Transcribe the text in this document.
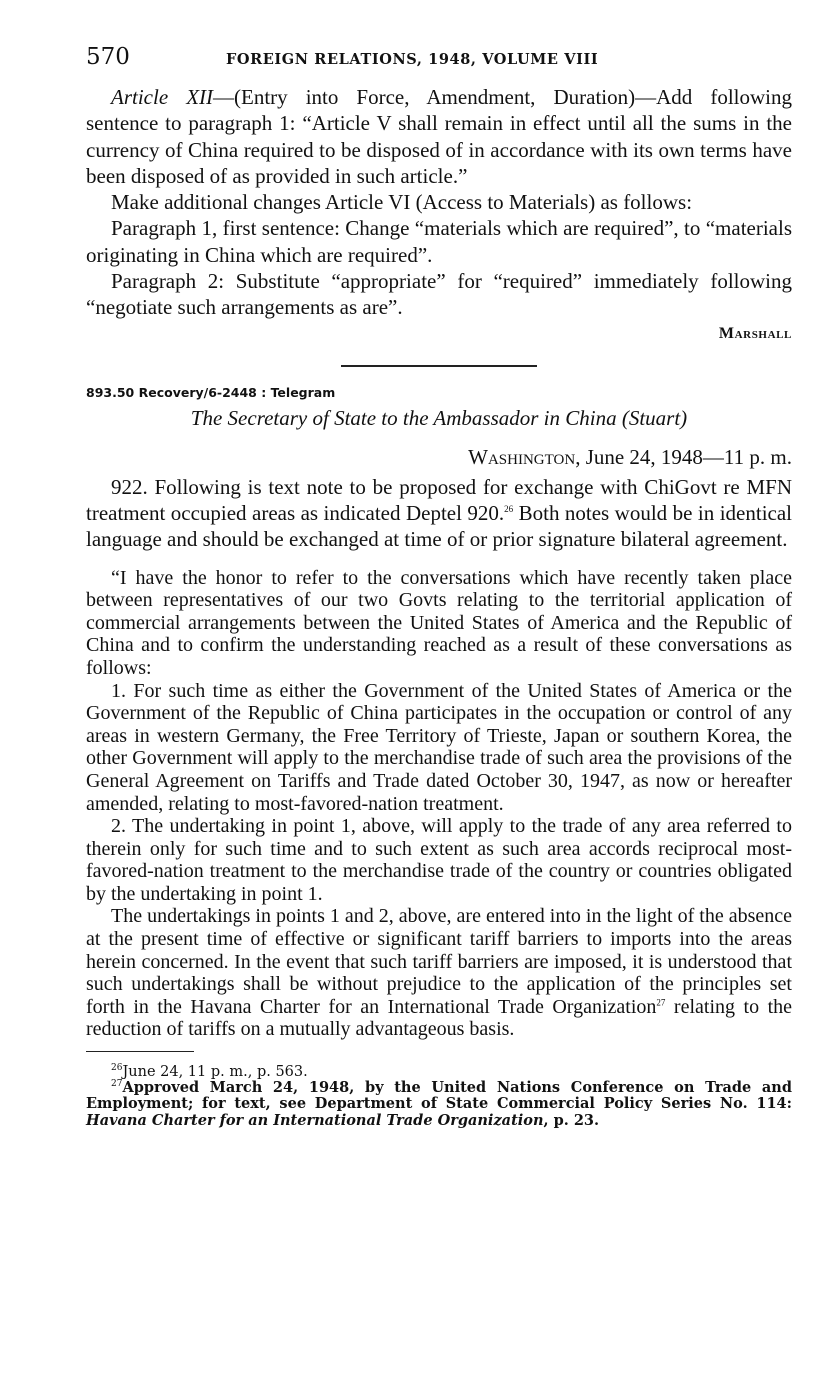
570	FOREIGN RELATIONS, 1948, VOLUME VIII

Article XII—(Entry into Force, Amendment, Duration)—Add following sentence to paragraph 1: “Article V shall remain in effect until all the sums in the currency of China required to be disposed of in accordance with its own terms have been disposed of as provided in such article.”

Make additional changes Article VI (Access to Materials) as follows:

Paragraph 1, first sentence: Change “materials which are required”, to “materials originating in China which are required”.

Paragraph 2: Substitute “appropriate” for “required” immediately following “negotiate such arrangements as are”.

Marshall

893.50 Recovery/6-2448 : Telegram

The Secretary of State to the Ambassador in China (Stuart)

Washington, June 24, 1948—11 p. m.

922. Following is text note to be proposed for exchange with ChiGovt re MFN treatment occupied areas as indicated Deptel 920.26 Both notes would be in identical language and should be exchanged at time of or prior signature bilateral agreement.

“I have the honor to refer to the conversations which have recently taken place between representatives of our two Govts relating to the territorial application of commercial arrangements between the United States of America and the Republic of China and to confirm the understanding reached as a result of these conversations as follows:

1. For such time as either the Government of the United States of America or the Government of the Republic of China participates in the occupation or control of any areas in western Germany, the Free Territory of Trieste, Japan or southern Korea, the other Government will apply to the merchandise trade of such area the provisions of the General Agreement on Tariffs and Trade dated October 30, 1947, as now or hereafter amended, relating to most-favored-nation treatment.

2. The undertaking in point 1, above, will apply to the trade of any area referred to therein only for such time and to such extent as such area accords reciprocal most-favored-nation treatment to the merchandise trade of the country or countries obligated by the undertaking in point 1.

The undertakings in points 1 and 2, above, are entered into in the light of the absence at the present time of effective or significant tariff barriers to imports into the areas herein concerned. In the event that such tariff barriers are imposed, it is understood that such undertakings shall be without prejudice to the application of the principles set forth in the Havana Charter for an International Trade Organization$^{27}$ relating to the reduction of tariffs on a mutually advantageous basis.

$^{26}$June 24, 11 p. m., p. 563.

$^{27}$Approved March 24, 1948, by the United Nations Conference on Trade and Employment; for text, see Department of State Commercial Policy Series No. 114: Havana Charter for an International Trade Organization, p. 23.
